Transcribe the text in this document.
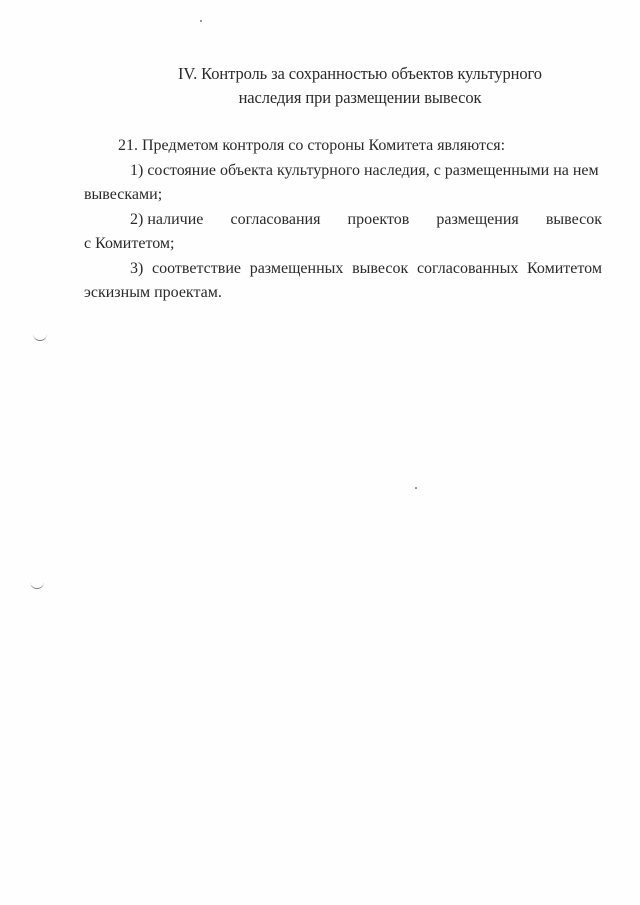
IV. Контроль за сохранностью объектов культурного
наследия при размещении вывесок

21. Предметом контроля со стороны Комитета являются:

1) состояние объекта культурного наследия, с размещенными на нем
вывесками;

2) наличие согласования проектов размещения вывесок
с Комитетом;

3) соответствие размещенных вывесок согласованных Комитетом
эскизным проектам.
